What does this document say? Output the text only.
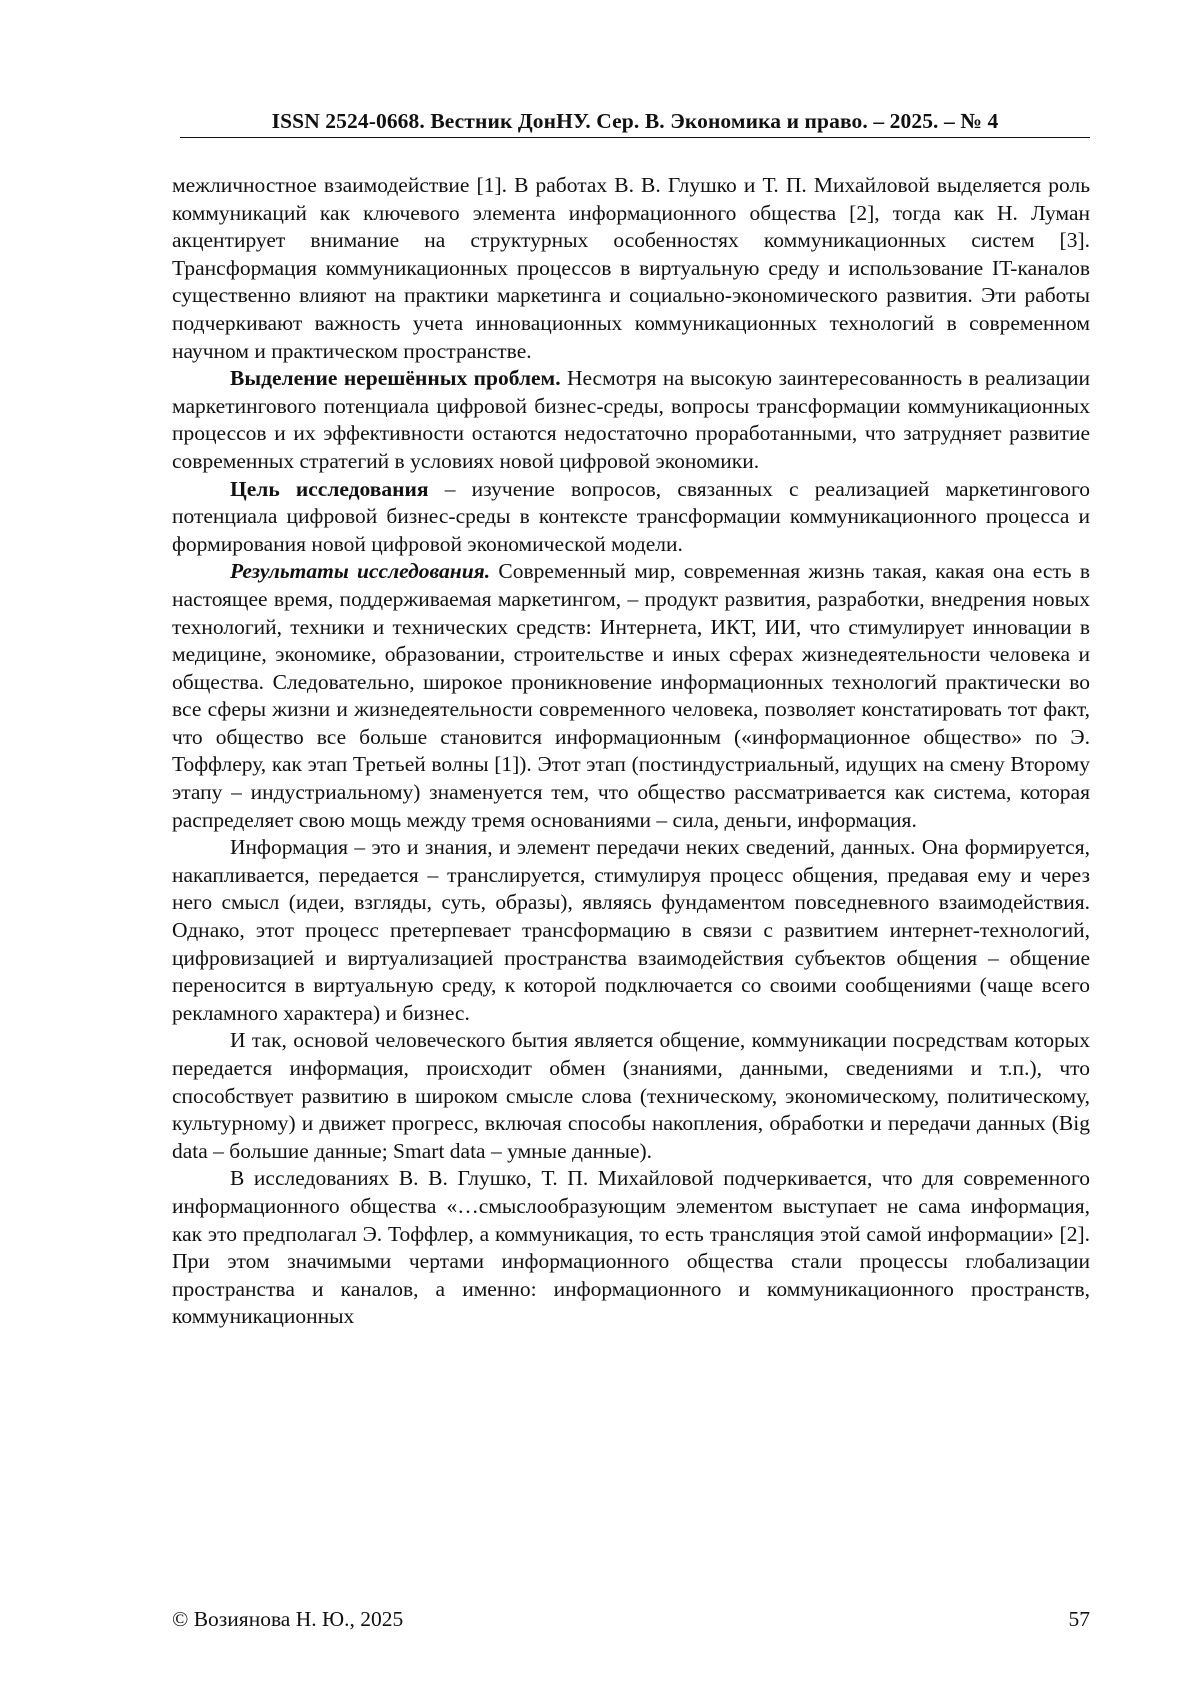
ISSN 2524-0668. Вестник ДонНУ. Сер. В. Экономика и право. – 2025. – № 4

межличностное взаимодействие [1]. В работах В. В. Глушко и Т. П. Михайловой выделяется роль коммуникаций как ключевого элемента информационного общества [2], тогда как Н. Луман акцентирует внимание на структурных особенностях коммуникационных систем [3]. Трансформация коммуникационных процессов в виртуальную среду и использование IT-каналов существенно влияют на практики маркетинга и социально-экономического развития. Эти работы подчеркивают важность учета инновационных коммуникационных технологий в современном научном и практическом пространстве.

Выделение нерешённых проблем. Несмотря на высокую заинтересованность в реализации маркетингового потенциала цифровой бизнес-среды, вопросы трансформации коммуникационных процессов и их эффективности остаются недостаточно проработанными, что затрудняет развитие современных стратегий в условиях новой цифровой экономики.

Цель исследования – изучение вопросов, связанных с реализацией маркетингового потенциала цифровой бизнес-среды в контексте трансформации коммуникационного процесса и формирования новой цифровой экономической модели.

Результаты исследования. Современный мир, современная жизнь такая, какая она есть в настоящее время, поддерживаемая маркетингом, – продукт развития, разработки, внедрения новых технологий, техники и технических средств: Интернета, ИКТ, ИИ, что стимулирует инновации в медицине, экономике, образовании, строительстве и иных сферах жизнедеятельности человека и общества. Следовательно, широкое проникновение информационных технологий практически во все сферы жизни и жизнедеятельности современного человека, позволяет констатировать тот факт, что общество все больше становится информационным («информационное общество» по Э. Тоффлеру, как этап Третьей волны [1]). Этот этап (постиндустриальный, идущих на смену Второму этапу – индустриальному) знаменуется тем, что общество рассматривается как система, которая распределяет свою мощь между тремя основаниями – сила, деньги, информация.

Информация – это и знания, и элемент передачи неких сведений, данных. Она формируется, накапливается, передается – транслируется, стимулируя процесс общения, предавая ему и через него смысл (идеи, взгляды, суть, образы), являясь фундаментом повседневного взаимодействия. Однако, этот процесс претерпевает трансформацию в связи с развитием интернет-технологий, цифровизацией и виртуализацией пространства взаимодействия субъектов общения – общение переносится в виртуальную среду, к которой подключается со своими сообщениями (чаще всего рекламного характера) и бизнес.

И так, основой человеческого бытия является общение, коммуникации посредствам которых передается информация, происходит обмен (знаниями, данными, сведениями и т.п.), что способствует развитию в широком смысле слова (техническому, экономическому, политическому, культурному) и движет прогресс, включая способы накопления, обработки и передачи данных (Big data – большие данные; Smart data – умные данные).

В исследованиях В. В. Глушко, Т. П. Михайловой подчеркивается, что для современного информационного общества «…смыслообразующим элементом выступает не сама информация, как это предполагал Э. Тоффлер, а коммуникация, то есть трансляция этой самой информации» [2]. При этом значимыми чертами информационного общества стали процессы глобализации пространства и каналов, а именно: информационного и коммуникационного пространств, коммуникационных

© Возиянова Н. Ю., 2025	57
